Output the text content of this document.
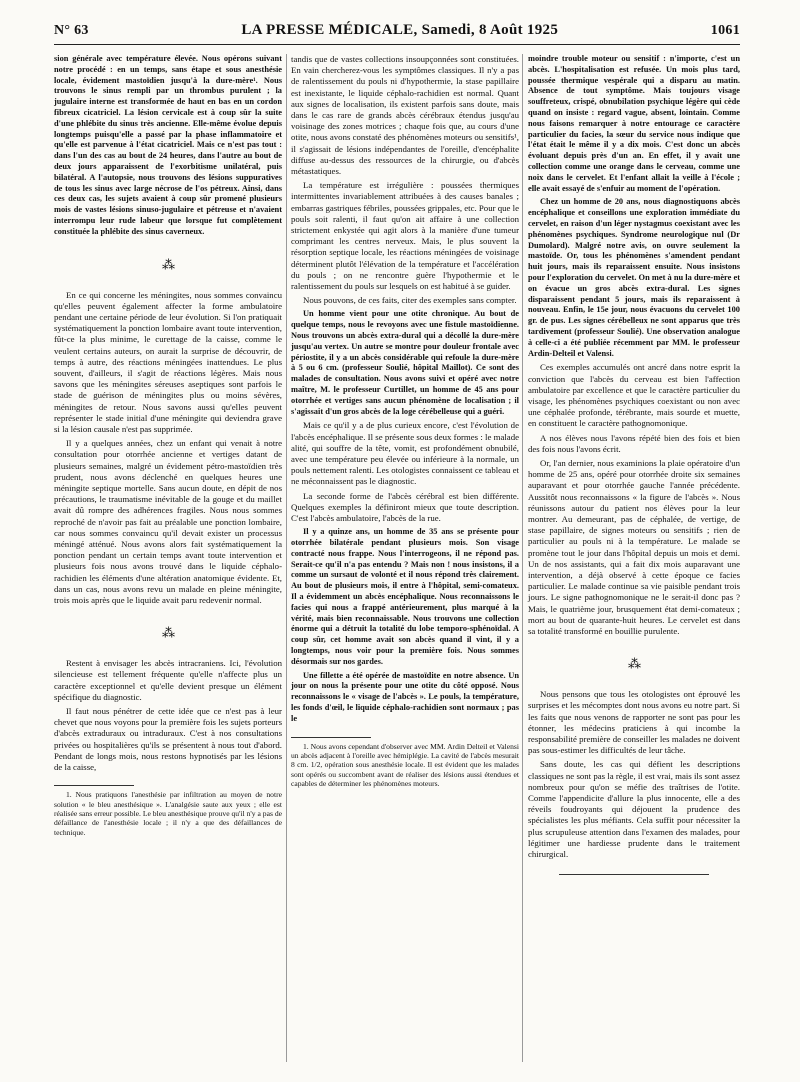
N° 63	LA PRESSE MÉDICALE, Samedi, 8 Août 1925	1061

sion générale avec température élevée. Nous opérons suivant notre procédé : en un temps, sans étape et sous anesthésie locale, évidement mastoïdien jusqu'à la dure-mère¹. Nous trouvons le sinus rempli par un thrombus purulent ; la jugulaire interne est transformée de haut en bas en un cordon fibreux cicatriciel. La lésion cervicale est à coup sûr la suite d'une phlébite du sinus très ancienne. Elle-même évolue depuis longtemps puisqu'elle a passé par la phase inflammatoire et qu'elle est parvenue à l'état cicatriciel. Mais ce n'est pas tout : dans l'un des cas au bout de 24 heures, dans l'autre au bout de deux jours apparaissent de l'exorbitisme unilatéral, puis bilatéral. A l'autopsie, nous trouvons des lésions suppuratives de tous les sinus avec large nécrose de l'os pétreux. Ainsi, dans ces deux cas, les sujets avaient à coup sûr promené plusieurs mois de vastes lésions sinuso-jugulaire et pétreuse et n'avaient interrompu leur rude labeur que lorsque fut complètement constituée la phlébite des sinus caverneux.

⁂

En ce qui concerne les méningites, nous sommes convaincu qu'elles peuvent également affecter la forme ambulatoire pendant une certaine période de leur évolution. Si l'on pratiquait systématiquement la ponction lombaire avant toute intervention, fût-ce la plus minime, le curettage de la caisse, comme le veulent certains auteurs, on aurait la surprise de découvrir, de temps à autre, des réactions méningées inattendues. Le plus souvent, d'ailleurs, il s'agit de réactions légères. Mais nous savons que les méningites séreuses aseptiques sont parfois le stade de guérison de méningites plus ou moins sévères, méningites de retour. Nous savons aussi qu'elles peuvent représenter le stade initial d'une méningite qui deviendra grave si la lésion causale n'est pas supprimée.

Il y a quelques années, chez un enfant qui venait à notre consultation pour otorrhée ancienne et vertiges datant de plusieurs semaines, malgré un évidement pétro-mastoïdien très prudent, nous avons déclenché en quelques heures une méningite septique mortelle. Sans aucun doute, en dépit de nos précautions, le traumatisme inévitable de la gouge et du maillet avait dû rompre des adhérences fragiles. Nous nous sommes reproché de n'avoir pas fait au préalable une ponction lombaire, car nous sommes convaincu qu'il devait exister un processus méningé atténué. Nous avons alors fait systématiquement la ponction pendant un certain temps avant toute intervention et plusieurs fois nous avons trouvé dans le liquide céphalo-rachidien les éléments d'une altération anatomique évidente. Et, dans un cas, nous avons revu un malade en pleine méningite, trois mois après que le liquide avait paru redevenir normal.

⁂

Restent à envisager les abcès intracraniens. Ici, l'évolution silencieuse est tellement fréquente qu'elle n'affecte plus un caractère exceptionnel et qu'elle devient presque un élément spécifique du diagnostic.

Il faut nous pénétrer de cette idée que ce n'est pas à leur chevet que nous voyons pour la première fois les sujets porteurs d'abcès extraduraux ou intraduraux. C'est à nos consultations privées ou hospitalières qu'ils se présentent à nous tout d'abord. Pendant de longs mois, nous restons hypnotisés par les lésions de la caisse,

1. Nous pratiquons l'anesthésie par infiltration au moyen de notre solution « le bleu anesthésique ». L'analgésie saute aux yeux ; elle est réalisée sans erreur possible. Le bleu anesthésique prouve qu'il n'y a pas de défaillance de l'anesthésie locale ; il n'y a que des défaillances de technique.

tandis que de vastes collections insoupçonnées sont constituées. En vain chercherez-vous les symptômes classiques. Il n'y a pas de ralentissement du pouls ni d'hypothermie, la stase papillaire est inexistante, le liquide céphalo-rachidien est normal. Quant aux signes de localisation, ils existent parfois sans doute, mais dans le cas rare de grands abcès cérébraux étendus jusqu'au voisinage des zones motrices ; chaque fois que, au cours d'une otite, nous avons constaté des phénomènes moteurs ou sensitifs¹, il s'agissait de lésions indépendantes de l'oreille, d'encéphalite diffuse au-dessus des ressources de la chirurgie, ou d'abcès métastatiques.

La température est irrégulière : poussées thermiques intermittentes invariablement attribuées à des causes banales ; embarras gastriques fébriles, poussées grippales, etc. Pour que le pouls soit ralenti, il faut qu'on ait affaire à une collection strictement enkystée qui agit alors à la manière d'une tumeur comprimant les centres nerveux. Mais, le plus souvent la résorption septique locale, les réactions méningées de voisinage déterminent plutôt l'élévation de la température et l'accélération du pouls ; on ne rencontre guère l'hypothermie et le ralentissement du pouls sur lesquels on est habitué à se guider.

Nous pouvons, de ces faits, citer des exemples sans compter.

Un homme vient pour une otite chronique. Au bout de quelque temps, nous le revoyons avec une fistule mastoïdienne. Nous trouvons un abcès extra-dural qui a décollé la dure-mère jusqu'au vertex. Un autre se montre pour douleur frontale avec périostite, il y a un abcès considérable qui refoule la dure-mère à 5 ou 6 cm. (professeur Soulié, hôpital Maillot). Ce sont des malades de consultation. Nous avons suivi et opéré avec notre maître, M. le professeur Curtillet, un homme de 45 ans pour otorrhée et vertiges sans aucun phénomène de localisation ; il s'agissait d'un gros abcès de la loge cérébelleuse qui a guéri.

Mais ce qu'il y a de plus curieux encore, c'est l'évolution de l'abcès encéphalique. Il se présente sous deux formes : le malade alité, qui souffre de la tête, vomit, est profondément obnubilé, avec une température peu élevée ou inférieure à la normale, un pouls nettement ralenti. Les otologistes connaissent ce tableau et ne méconnaissent pas le diagnostic.

La seconde forme de l'abcès cérébral est bien différente. Quelques exemples la définiront mieux que toute description. C'est l'abcès ambulatoire, l'abcès de la rue.

Il y a quinze ans, un homme de 35 ans se présente pour otorrhée bilatérale pendant plusieurs mois. Son visage contracté nous frappe. Nous l'interrogeons, il ne répond pas. Serait-ce qu'il n'a pas entendu ? Mais non ! nous insistons, il a comme un sursaut de volonté et il nous répond très clairement. Au bout de plusieurs mois, il entre à l'hôpital, semi-comateux. Il a évidemment un abcès encéphalique. Nous reconnaissons le facies qui nous a frappé antérieurement, plus marqué à la vérité, mais bien reconnaissable. Nous trouvons une collection énorme qui a détruit la totalité du lobe temporo-sphénoïdal. A coup sûr, cet homme avait son abcès quand il vint, il y a longtemps, nous voir pour la première fois. Nous sommes désormais sur nos gardes.

Une fillette a été opérée de mastoïdite en notre absence. Un jour on nous la présente pour une otite du côté opposé. Nous reconnaissons le « visage de l'abcès ». Le pouls, la température, les fonds d'œil, le liquide céphalo-rachidien sont normaux ; pas le

1. Nous avons cependant d'observer avec MM. Ardin Delteil et Valensi un abcès adjacent à l'oreille avec hémiplégie. La cavité de l'abcès mesurait 8 cm. 1/2, opération sous anesthésie locale. Il est évident que les malades sont opérés ou succombent avant de réaliser des lésions aussi étendues et capables de déterminer les phénomènes moteurs.

moindre trouble moteur ou sensitif : n'importe, c'est un abcès. L'hospitalisation est refusée. Un mois plus tard, poussée thermique vespérale qui a disparu au matin. Absence de tout symptôme. Mais toujours visage souffreteux, crispé, obnubilation psychique légère qui cède quand on insiste : regard vague, absent, lointain. Comme nous faisons remarquer à notre entourage ce caractère particulier du facies, la sœur du service nous indique que l'état était le même il y a dix mois. C'est donc un abcès évoluant depuis près d'un an. En effet, il y avait une collection comme une orange dans le cerveau, comme une noix dans le cervelet. Et l'enfant allait la veille à l'école ; elle avait essayé de s'enfuir au moment de l'opération.

Chez un homme de 20 ans, nous diagnostiquons abcès encéphalique et conseillons une exploration immédiate du cervelet, en raison d'un léger nystagmus coexistant avec les phénomènes psychiques. Syndrome neurologique nul (Dr Dumolard). Malgré notre avis, on ouvre seulement la mastoïde. Or, tous les phénomènes s'amendent pendant huit jours, mais ils reparaissent ensuite. Nous insistons pour l'exploration du cervelet. On met à nu la dure-mère et on évacue un gros abcès extra-dural. Les signes disparaissent pendant 5 jours, mais ils reparaissent à nouveau. Enfin, le 15e jour, nous évacuons du cervelet 100 gr. de pus. Les signes cérébelleux ne sont apparus que très tardivement (professeur Soulié). Une observation analogue à celle-ci a été publiée récemment par MM. le professeur Ardin-Delteil et Valensi.

Ces exemples accumulés ont ancré dans notre esprit la conviction que l'abcès du cerveau est bien l'affection ambulatoire par excellence et que le caractère particulier du visage, les phénomènes psychiques coexistant ou non avec une céphalée profonde, térébrante, mais sourde et muette, en constituent le caractère pathognomonique.

A nos élèves nous l'avons répété bien des fois et bien des fois nous l'avons écrit.

Or, l'an dernier, nous examinions la plaie opératoire d'un homme de 25 ans, opéré pour otorrhée droite six semaines auparavant et pour otorrhée gauche l'année précédente. Aussitôt nous reconnaissons « la figure de l'abcès ». Nous réunissons autour du patient nos élèves pour la leur montrer. Au demeurant, pas de céphalée, de vertige, de stase papillaire, de signes moteurs ou sensitifs ; rien de particulier au pouls ni à la température. Le malade se promène tout le jour dans l'hôpital depuis un mois et demi. Un de nos assistants, qui a fait dix mois auparavant une intervention, a déjà observé à cette époque ce facies particulier. Le malade continue sa vie paisible pendant trois jours. Le signe pathognomonique ne le serait-il donc pas ? Mais, le quatrième jour, brusquement état demi-comateux ; mort au bout de quarante-huit heures. Le cervelet est dans sa totalité transformé en bouillie purulente.

⁂

Nous pensons que tous les otologistes ont éprouvé les surprises et les mécomptes dont nous avons eu notre part. Si les faits que nous venons de rapporter ne sont pas pour les étonner, les médecins praticiens à qui incombe la responsabilité première de conseiller les malades ne doivent pas sous-estimer les difficultés de leur tâche.

Sans doute, les cas qui défient les descriptions classiques ne sont pas la règle, il est vrai, mais ils sont assez nombreux pour qu'on se méfie des traîtrises de l'otite. Comme l'appendicite d'allure la plus innocente, elle a des réveils foudroyants qui déjouent la prudence des spécialistes les plus méfiants. Cela suffit pour nécessiter la plus scrupuleuse attention dans l'examen des malades, pour légitimer une hardiesse prudente dans le traitement chirurgical.
